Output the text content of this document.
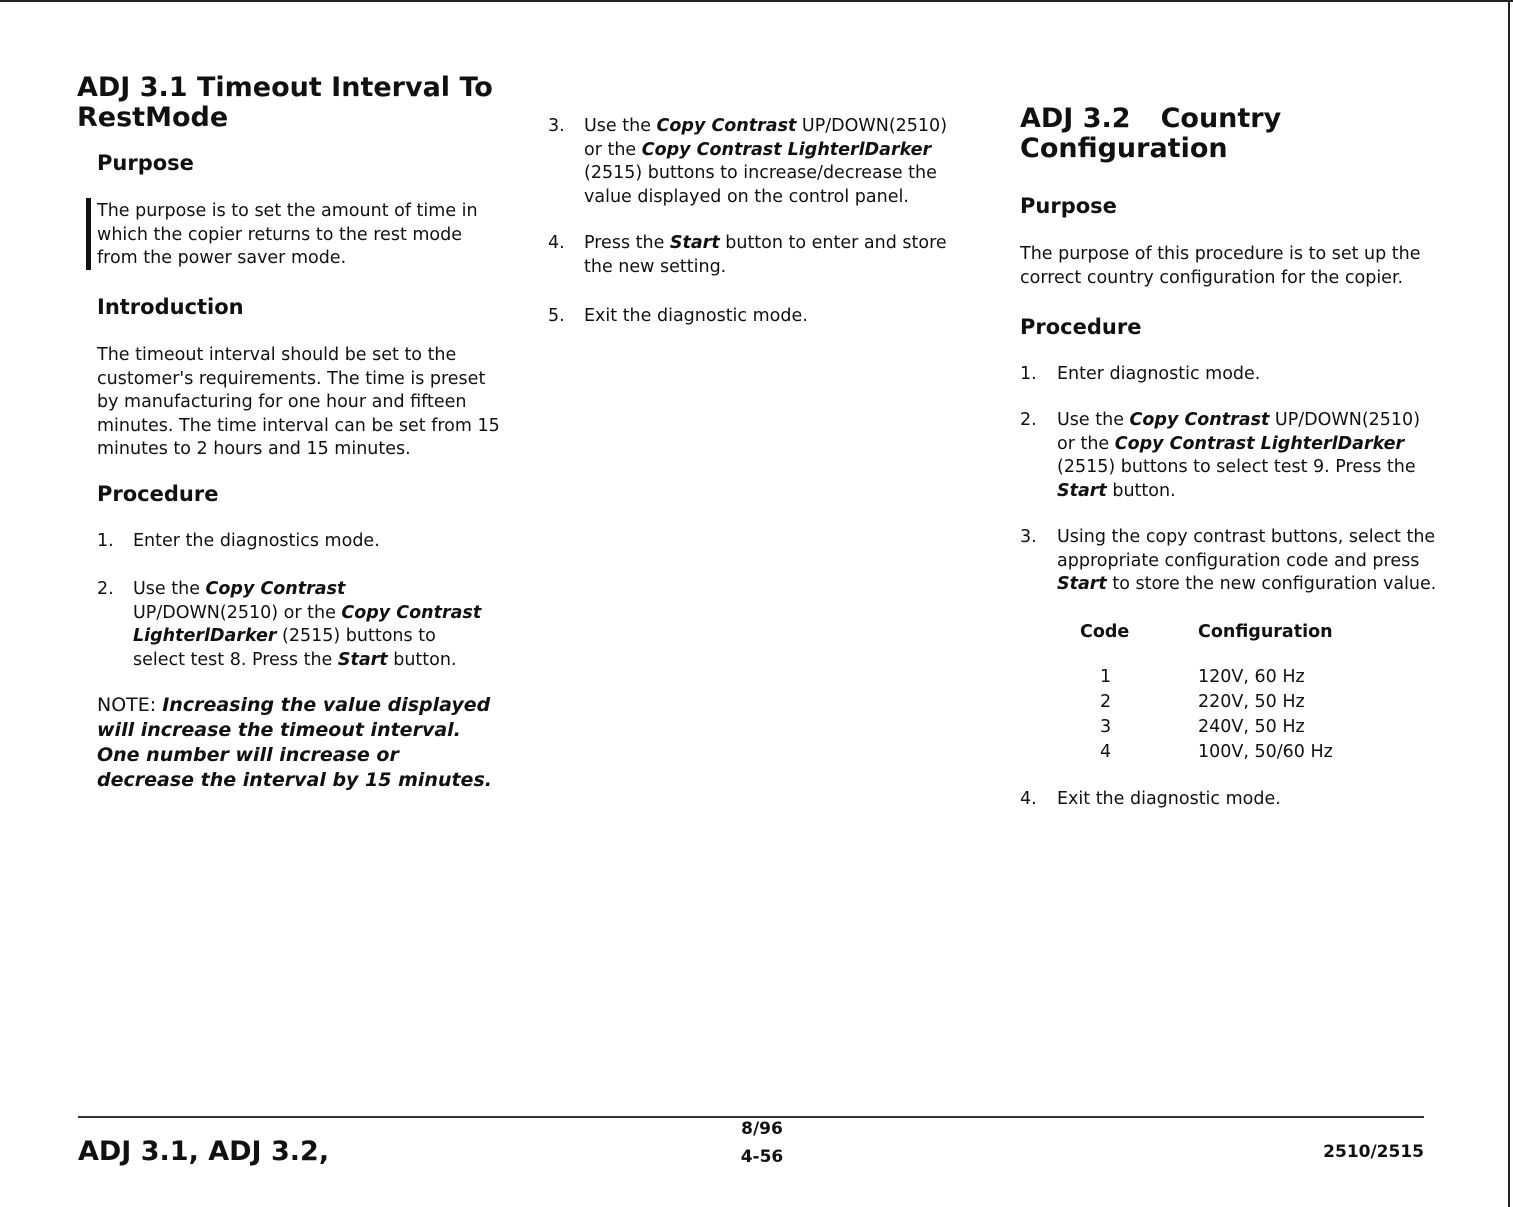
ADJ 3.1 Timeout Interval To
RestMode
Purpose

The purpose is to set the amount of time in which the copier returns to the rest mode from the power saver mode.

Introduction

The timeout interval should be set to the customer's requirements. The time is preset by manufacturing for one hour and fifteen minutes. The time interval can be set from 15 minutes to 2 hours and 15 minutes.

Procedure
1. Enter the diagnostics mode.
2. Use the Copy Contrast UP/DOWN(2510) or the Copy Contrast LighterlDarker (2515) buttons to select test 8. Press the Start button.

NOTE: Increasing the value displayed will increase the timeout interval. One number will increase or decrease the interval by 15 minutes.

3. Use the Copy Contrast UP/DOWN(2510) or the Copy Contrast LighterlDarker (2515) buttons to increase/decrease the value displayed on the control panel.
4. Press the Start button to enter and store the new setting.
5. Exit the diagnostic mode.
ADJ 3.2 Country Configuration
Purpose

The purpose of this procedure is to set up the correct country configuration for the copier.

Procedure
1. Enter diagnostic mode.
2. Use the Copy Contrast UP/DOWN(2510) or the Copy Contrast LighterlDarker (2515) buttons to select test 9. Press the Start button.
3. Using the copy contrast buttons, select the appropriate configuration code and press Start to store the new configuration value.
Code	Configuration

1	120V, 60 Hz
2	220V, 50 Hz
3	240V, 50 Hz
4	100V, 50/60 Hz
4. Exit the diagnostic mode.
ADJ 3.1, ADJ 3.2,
8/96
4-56	2510/2515
